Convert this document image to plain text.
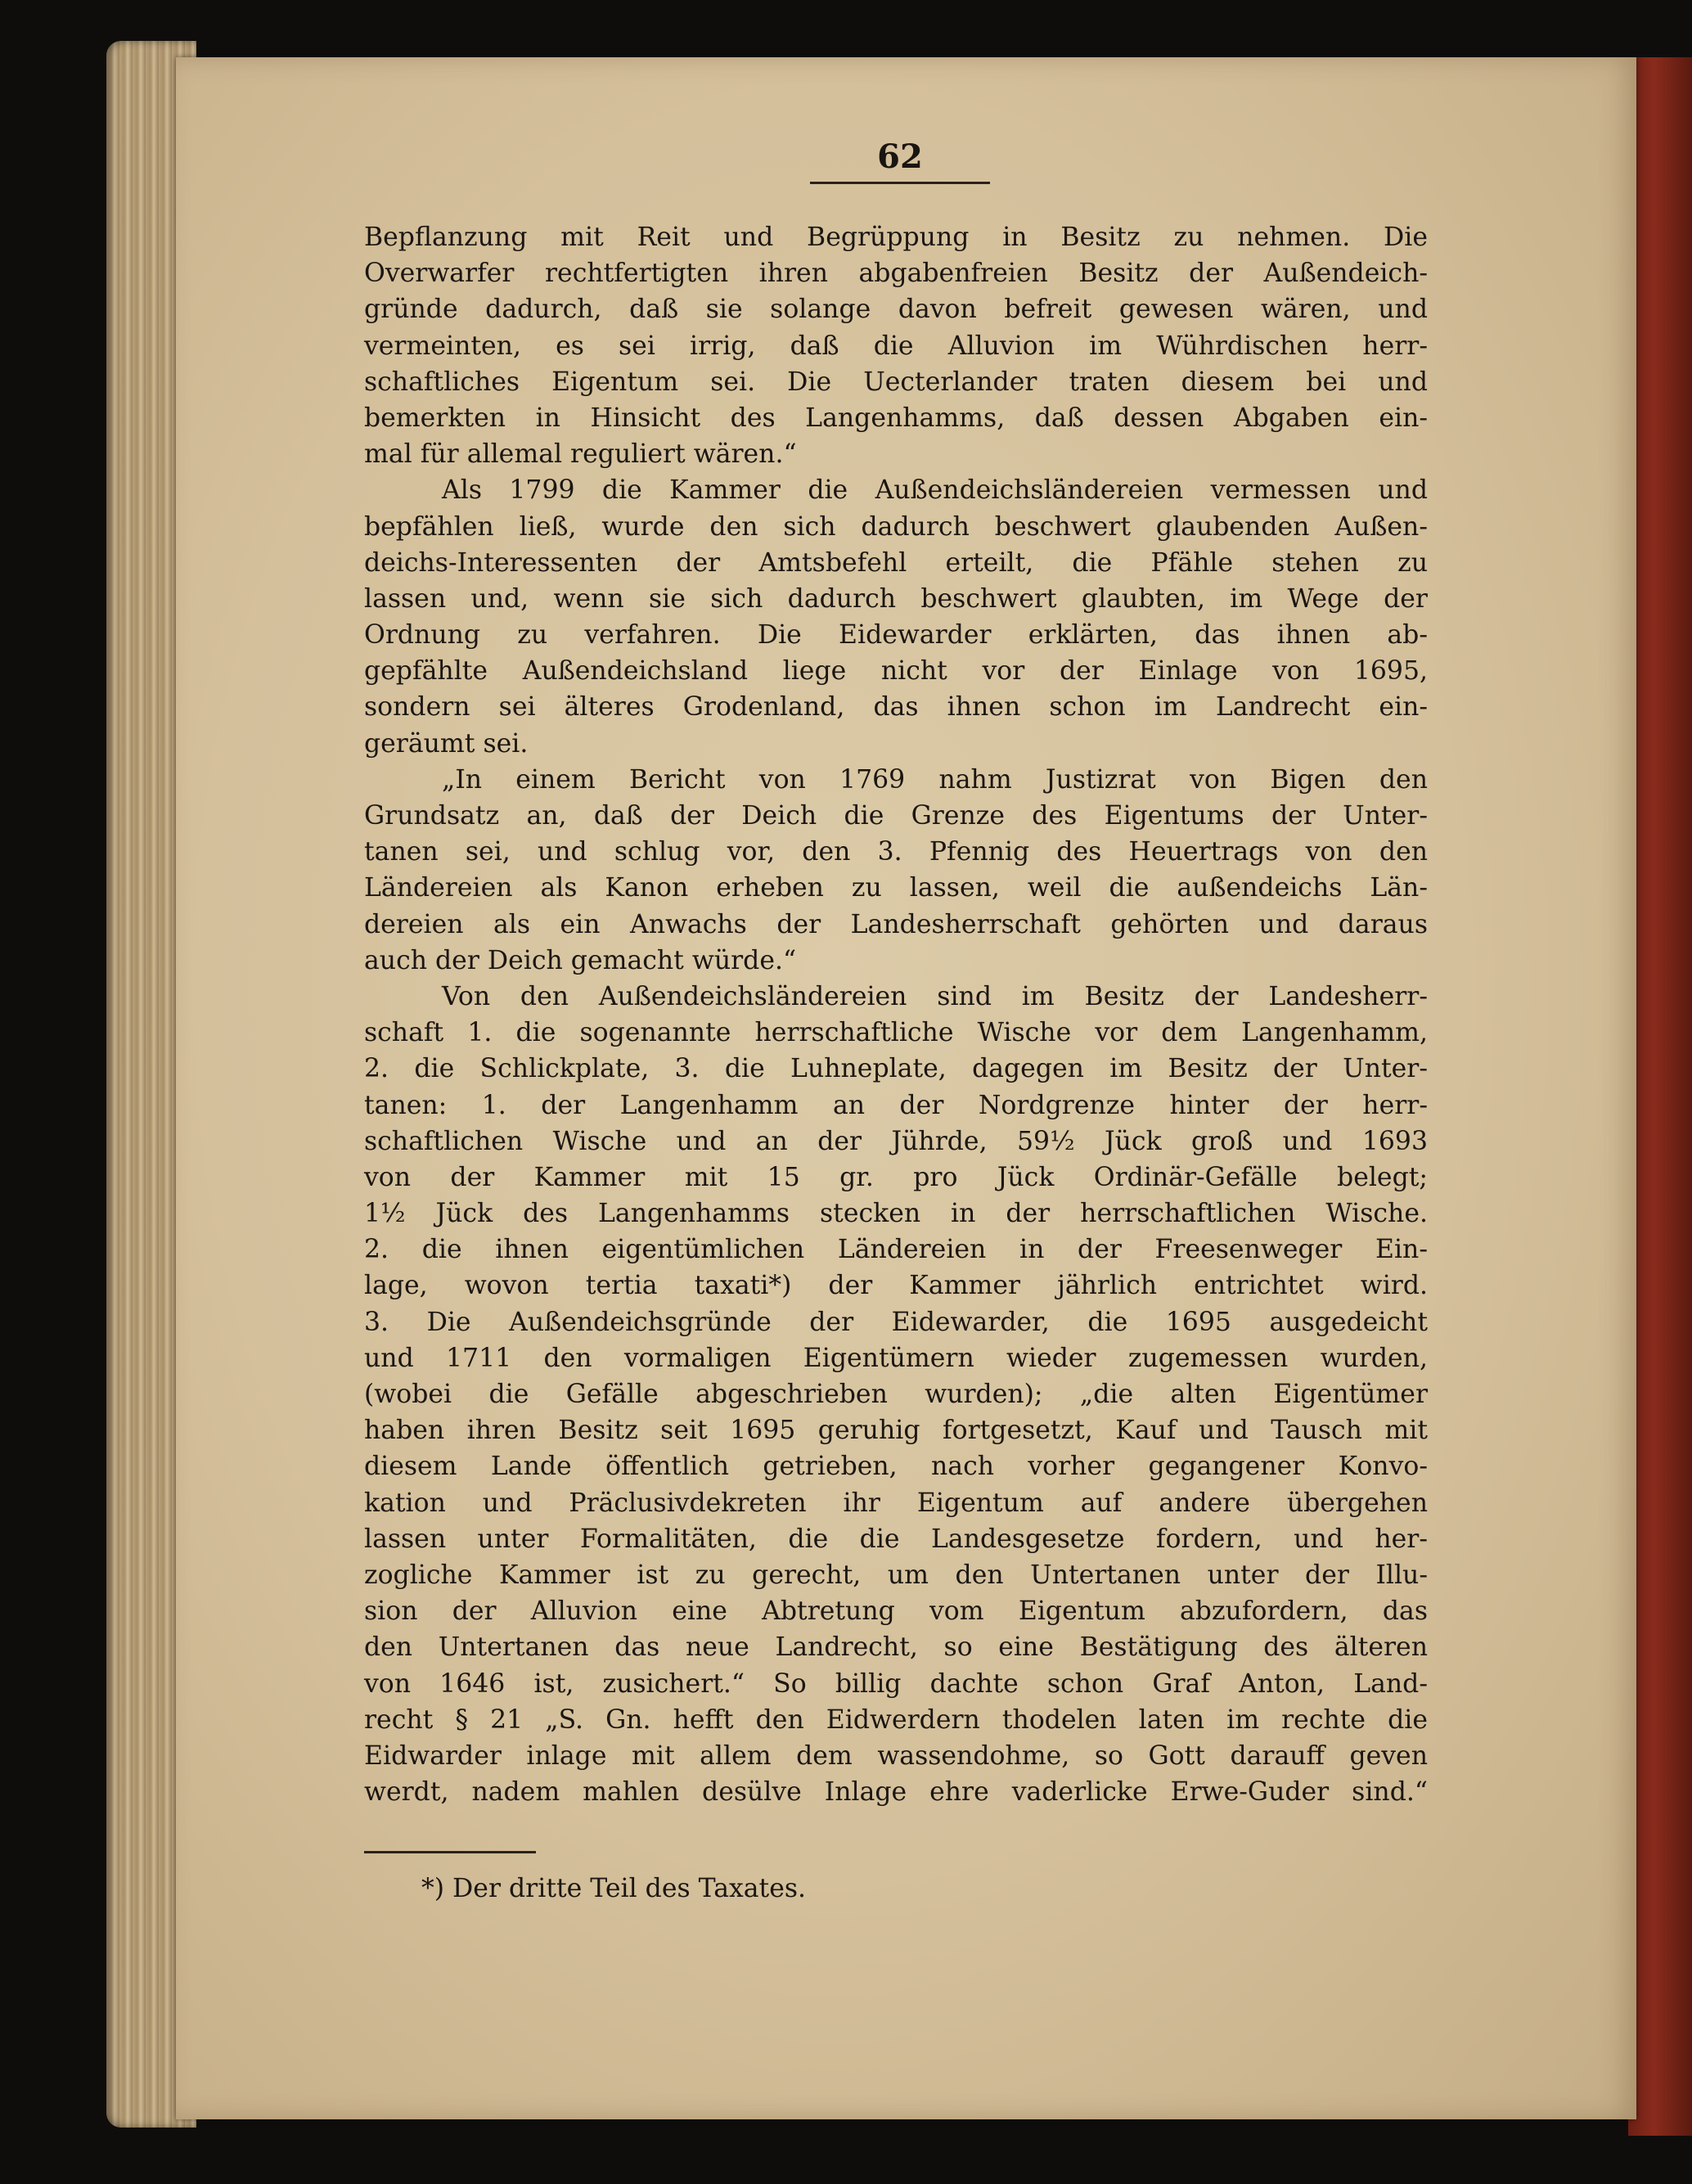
62
Bepflanzung mit Reit und Begrüppung in Besitz zu nehmen. Die
Overwarfer rechtfertigten ihren abgabenfreien Besitz der Außendeich-
gründe dadurch, daß sie solange davon befreit gewesen wären, und
vermeinten, es sei irrig, daß die Alluvion im Wührdischen herr-
schaftliches Eigentum sei. Die Uecterlander traten diesem bei und
bemerkten in Hinsicht des Langenhamms, daß dessen Abgaben ein-
mal für allemal reguliert wären.“
Als 1799 die Kammer die Außendeichsländereien vermessen und
bepfählen ließ, wurde den sich dadurch beschwert glaubenden Außen-
deichs-Interessenten der Amtsbefehl erteilt, die Pfähle stehen zu
lassen und, wenn sie sich dadurch beschwert glaubten, im Wege der
Ordnung zu verfahren. Die Eidewarder erklärten, das ihnen ab-
gepfählte Außendeichsland liege nicht vor der Einlage von 1695,
sondern sei älteres Grodenland, das ihnen schon im Landrecht ein-
geräumt sei.
„In einem Bericht von 1769 nahm Justizrat von Bigen den
Grundsatz an, daß der Deich die Grenze des Eigentums der Unter-
tanen sei, und schlug vor, den 3. Pfennig des Heuertrags von den
Ländereien als Kanon erheben zu lassen, weil die außendeichs Län-
dereien als ein Anwachs der Landesherrschaft gehörten und daraus
auch der Deich gemacht würde.“
Von den Außendeichsländereien sind im Besitz der Landesherr-
schaft 1. die sogenannte herrschaftliche Wische vor dem Langenhamm,
2. die Schlickplate, 3. die Luhneplate, dagegen im Besitz der Unter-
tanen: 1. der Langenhamm an der Nordgrenze hinter der herr-
schaftlichen Wische und an der Jührde, 59½ Jück groß und 1693
von der Kammer mit 15 gr. pro Jück Ordinär-Gefälle belegt;
1½ Jück des Langenhamms stecken in der herrschaftlichen Wische.
2. die ihnen eigentümlichen Ländereien in der Freesenweger Ein-
lage, wovon tertia taxati*) der Kammer jährlich entrichtet wird.
3. Die Außendeichsgründe der Eidewarder, die 1695 ausgedeicht
und 1711 den vormaligen Eigentümern wieder zugemessen wurden,
(wobei die Gefälle abgeschrieben wurden); „die alten Eigentümer
haben ihren Besitz seit 1695 geruhig fortgesetzt, Kauf und Tausch mit
diesem Lande öffentlich getrieben, nach vorher gegangener Konvo-
kation und Präclusivdekreten ihr Eigentum auf andere übergehen
lassen unter Formalitäten, die die Landesgesetze fordern, und her-
zogliche Kammer ist zu gerecht, um den Untertanen unter der Illu-
sion der Alluvion eine Abtretung vom Eigentum abzufordern, das
den Untertanen das neue Landrecht, so eine Bestätigung des älteren
von 1646 ist, zusichert.“ So billig dachte schon Graf Anton, Land-
recht § 21 „S. Gn. hefft den Eidwerdern thodelen laten im rechte die
Eidwarder inlage mit allem dem wassendohme, so Gott darauff geven
werdt, nadem mahlen desülve Inlage ehre vaderlicke Erwe-Guder sind.“
*) Der dritte Teil des Taxates.
